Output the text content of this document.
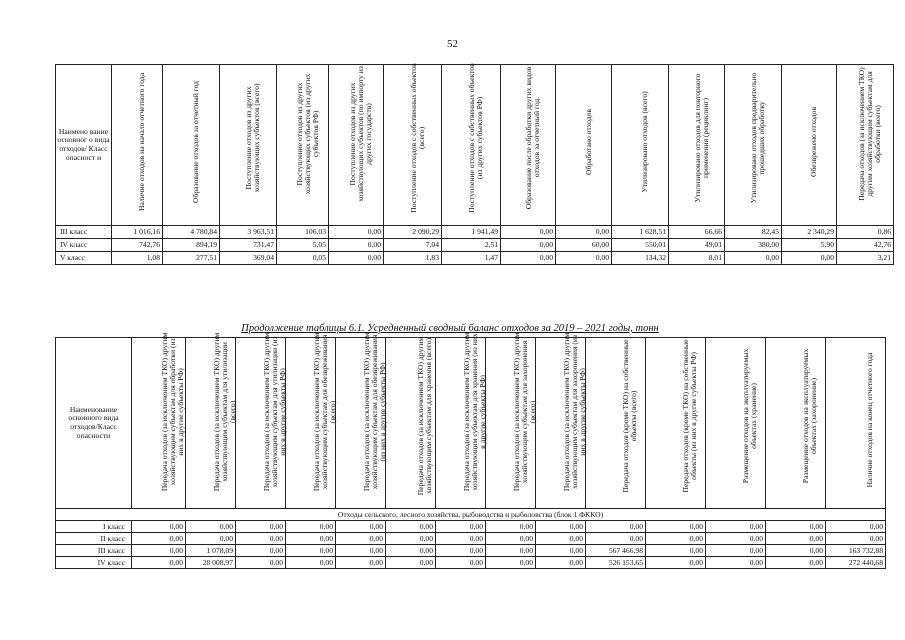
52
Наимено вание основног о вида отходов/ Класс опасност и	Наличие отходов на начало отчетного года	Образование отходов за отчетный год	Поступление отходов из других хозяйствующих субъектов (всего)	Поступление отходов из других хозяйствующих субъектов (из других субъектов РФ)	Поступление отходов из других хозяйствующих субъектов (по импорту из других государств)	Поступление отходов с собственных объектов (всего)	Поступление отходов с собственных объектов (из других субъектов РФ)	Образование после обработки других видов отходов за отчетный год	Обработано отходов	Утилизировано отходов (всего)	Утилизировано отходов для повторного применения (рециклинг)	Утилизировано отходов предварительно прошедших обработку	Обезврежено отходов	Передача отходов (за исключением ТКО) другим хозяйствующим субъектам для обработки (всего)

III класс	1 016,16	4 780,84	3 963,51	106,03	0,00	2 090,29	1 941,49	0,00	0,00	1 628,51	66,66	82,45	2 340,29	0,86
IV класс	742,76	894,19	731,47	5,05	0,00	7,04	2,51	0,00	60,00	550,01	49,01	380,00	5,90	42,76
V класс	1,08	277,51	369,04	0,05	0,00	1,83	1,47	0,00	0,00	134,32	8,01	0,00	0,00	3,21
Продолжение таблицы 6.1. Усредненный сводный баланс отходов за 2019 – 2021 годы, тонн
Наименование основного вида отходов/Класс опасности	Передача отходов (за исключением ТКО) другим хозяйствующим субъектам для обработки (из них в другие субъекты РФ)	Передача отходов (за исключением ТКО) другим хозяйствующим субъектам для утилизации (всего)	Передача отходов (за исключением ТКО) другим хозяйствующим субъектам для утилизации (из них в другие субъекты РФ)	Передача отходов (за исключением ТКО) другим хозяйствующим субъектам для обезвреживания (всего)	Передача отходов (за исключением ТКО) другим хозяйствующим субъектам для обезвреживания (из них в другие субъекты РФ)	Передача отходов (за исключением ТКО) другим хозяйствующим субъектам для хранения (всего)	Передача отходов (за исключением ТКО) другим хозяйствующим субъектам для хранения (из них в другие субъекты РФ)	Передача отходов (за исключением ТКО) другим хозяйствующим субъектам для захоронения (всего)	Передача отходов (за исключением ТКО) другим хозяйствующим субъектам для захоронения (из них в другие субъекты РФ)	Передача отходов (кроме ТКО) на собственные объекты (всего)	Передача отходов (кроме ТКО) на собственные объекты (из них в другие субъекты РФ)	Размещение отходов на эксплуатируемых объектах (хранение)	Размещение отходов на эксплуатируемых объектах (захоронение)	Наличие отходов на конец отчетного года

Отходы сельского, лесного хозяйства, рыбоводства и рыболовства (блок 1 ФККО)														
I класс	0,00	0,00	0,00	0,00	0,00	0,00	0,00	0,00	0,00	0,00	0,00	0,00	0,00	0,00
II класс	0,00	0,00	0,00	0,00	0,00	0,00	0,00	0,00	0,00	0,00	0,00	0,00	0,00	0,00
III класс	0,00	1 078,09	0,00	0,00	0,00	0,00	0,00	0,00	0,00	567 466,98	0,00	0,00	0,00	163 732,88
IV класс	0,00	28 008,97	0,00	0,00	0,00	0,00	0,00	0,00	0,00	526 153,65	0,00	0,00	0,00	272 440,68
